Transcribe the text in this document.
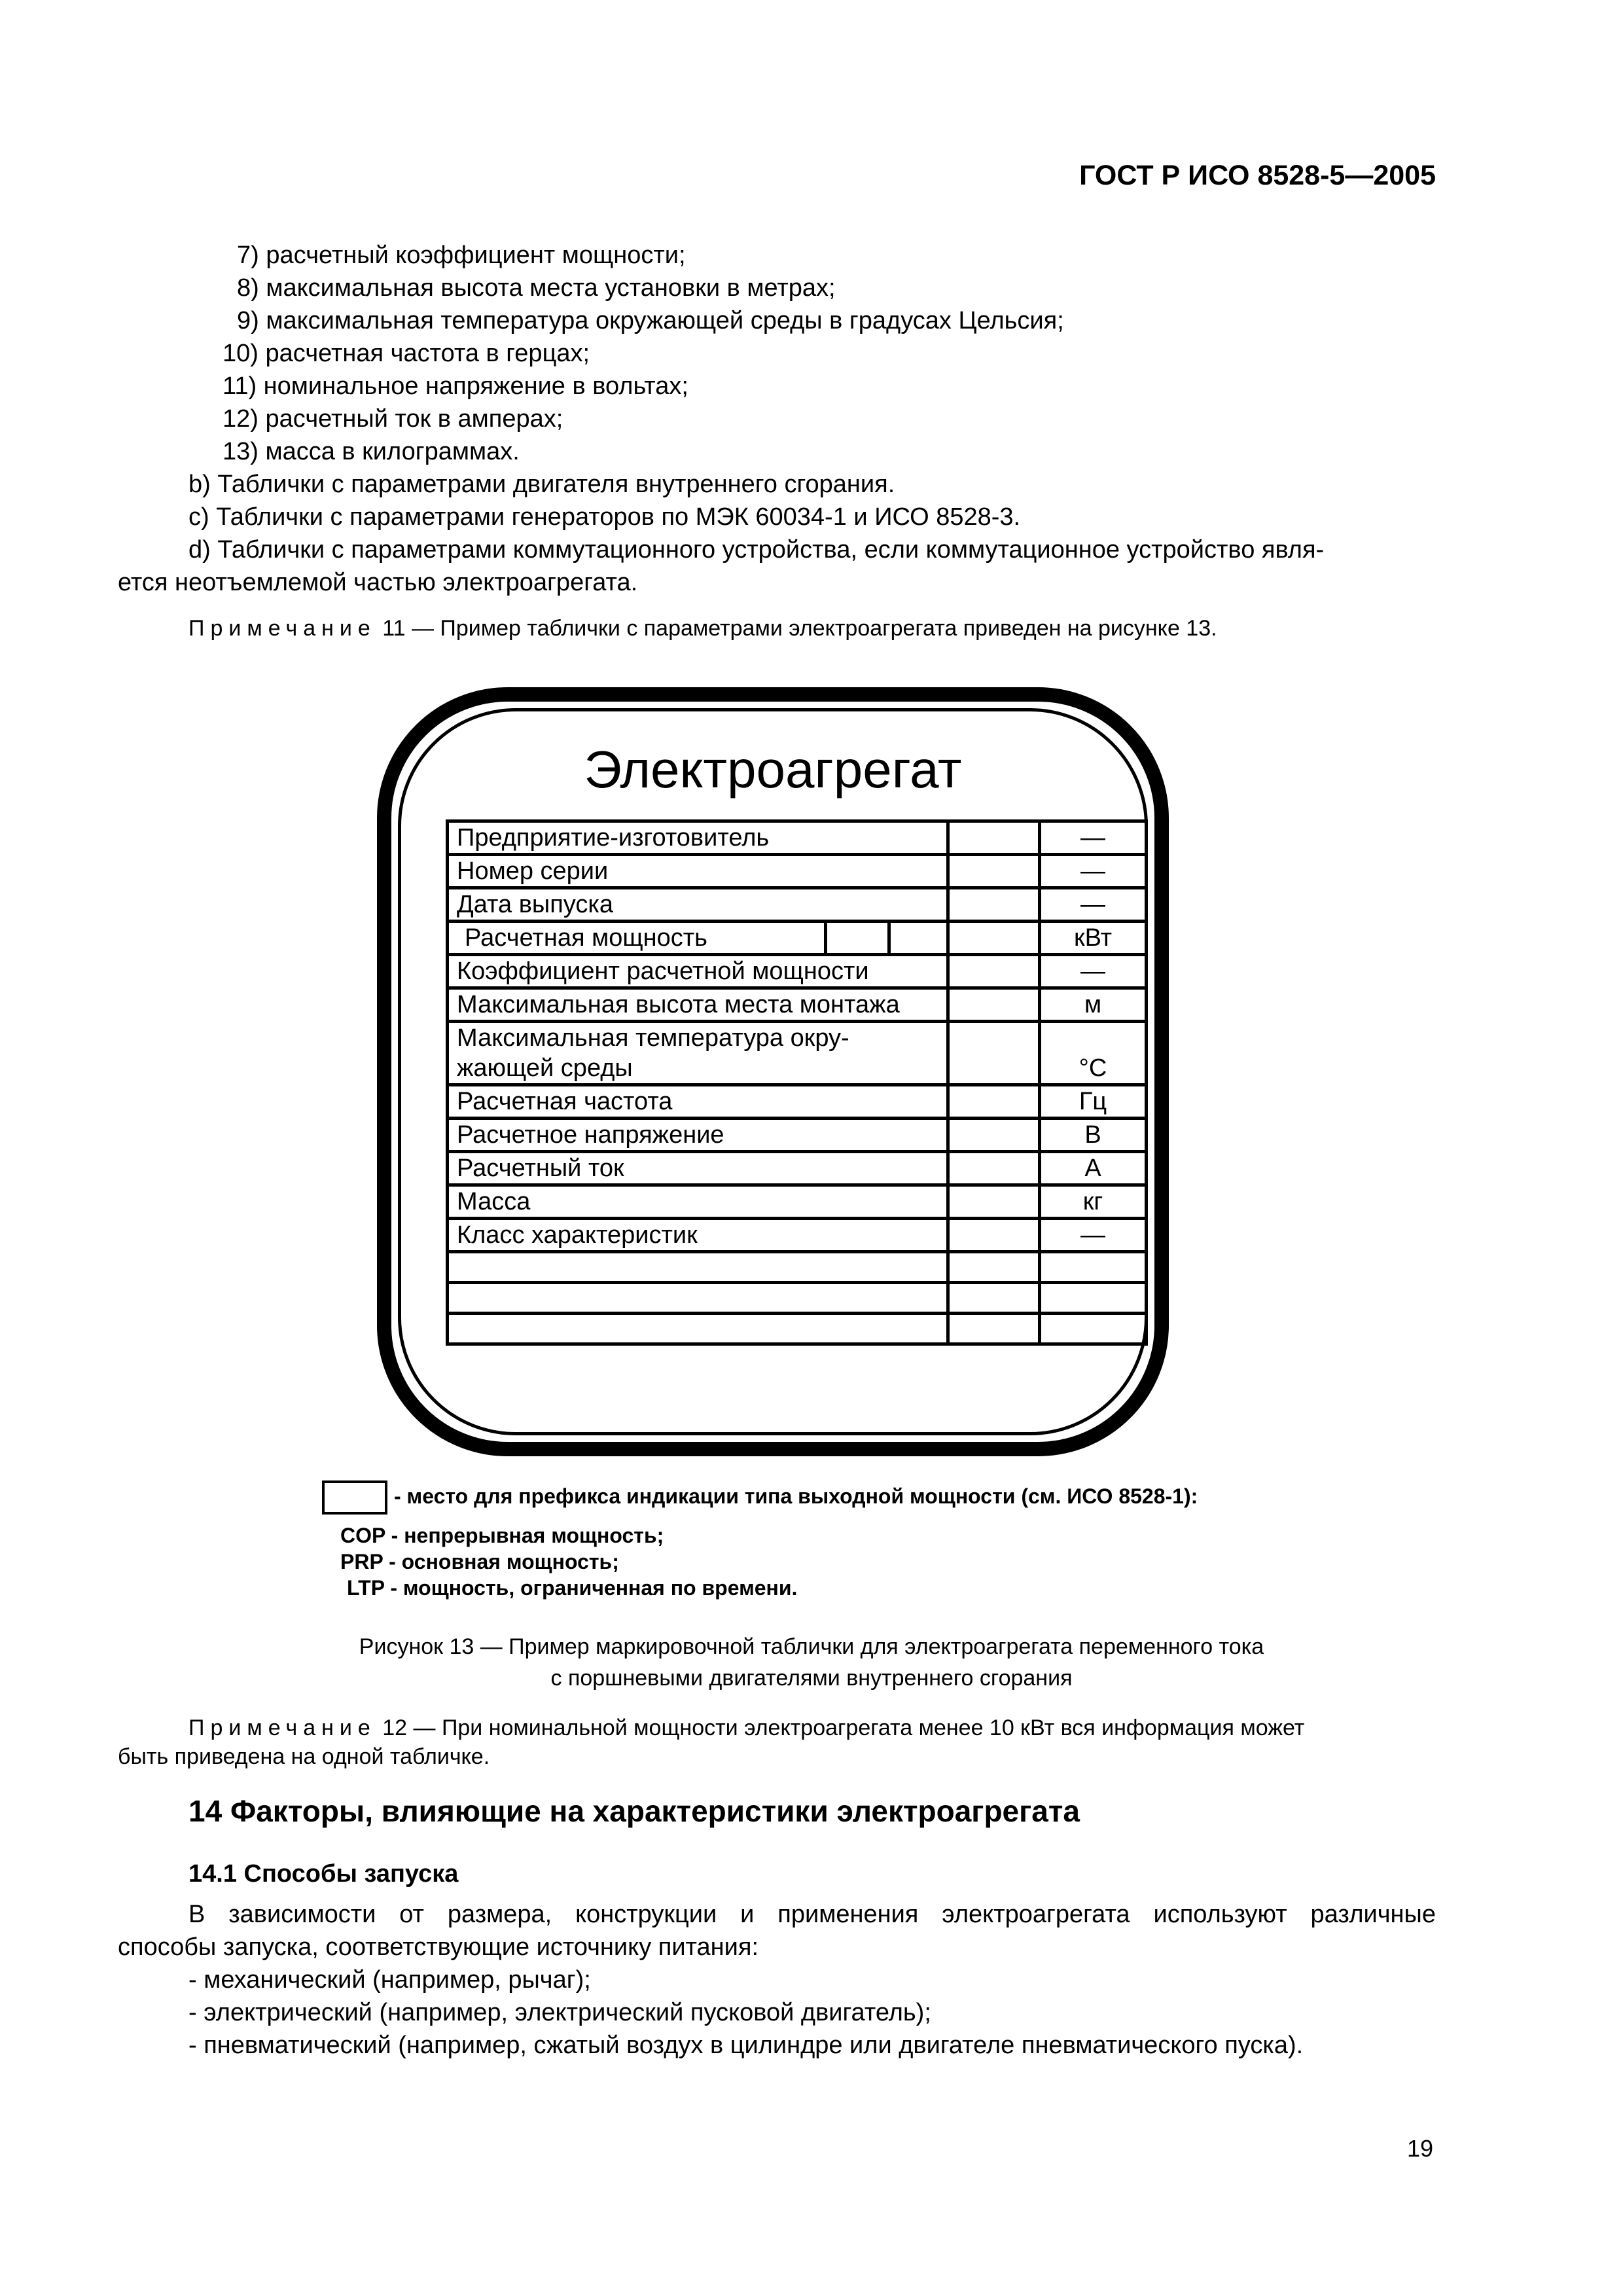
ГОСТ Р ИСО 8528-5—2005
7) расчетный коэффициент мощности;
8) максимальная высота места установки в метрах;
9) максимальная температура окружающей среды в градусах Цельсия;
10) расчетная частота в герцах;
11) номинальное напряжение в вольтах;
12) расчетный ток в амперах;
13) масса в килограммах.
b) Таблички с параметрами двигателя внутреннего сгорания.
c) Таблички с параметрами генераторов по МЭК 60034-1 и ИСО 8528-3.
d) Таблички с параметрами коммутационного устройства, если коммутационное устройство явля-
ется неотъемлемой частью электроагрегата.
Примечание 11 — Пример таблички с параметрами электроагрегата приведен на рисунке 13.
Электроагрегат
Предприятие-изготовитель		—
Номер серии		—
Дата выпуска		—

Расчетная мощность		кВт
Коэффициент расчетной мощности		—
Максимальная высота места монтажа		м

Максимальная температура окру-
жающей среды		°C
Расчетная частота		Гц
Расчетное напряжение		В
Расчетный ток		А
Масса		кг
Класс характеристик		—

- место для префикса индикации типа выходной мощности (см. ИСО 8528-1):
COP - непрерывная мощность;
PRP - основная мощность;
LTP - мощность, ограниченная по времени.
Рисунок 13 — Пример маркировочной таблички для электроагрегата переменного тока
с поршневыми двигателями внутреннего сгорания
Примечание 12 — При номинальной мощности электроагрегата менее 10 кВт вся информация может
быть приведена на одной табличке.
14 Факторы, влияющие на характеристики электроагрегата
14.1 Способы запуска
В зависимости от размера, конструкции и применения электроагрегата используют различные
способы запуска, соответствующие источнику питания:
- механический (например, рычаг);
- электрический (например, электрический пусковой двигатель);
- пневматический (например, сжатый воздух в цилиндре или двигателе пневматического пуска).
19
